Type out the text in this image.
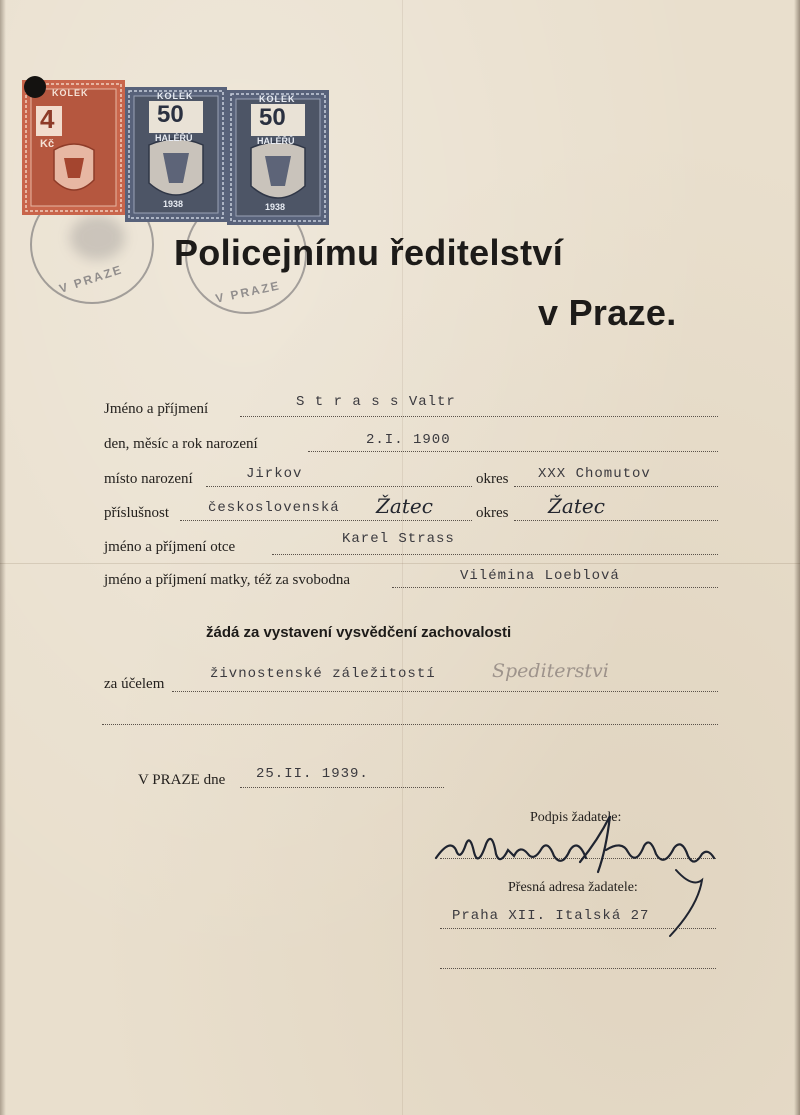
V PRAZE	V PRAZE
KOLEK
4
Kč
KOLEK
50
HALÉŘŮ
1938
KOLEK
50
HALÉŘŮ
1938
Policejnímu ředitelství
v Praze.
Jméno a příjmení	S t r a s s Valtr
den, měsíc a rok narození	2.I. 1900
místo narození	Jirkov	okres XXX Chomutov
příslušnost	československá Žatec	okres Žatec
jméno a příjmení otce	Karel Strass
jméno a příjmení matky, též za svobodna	Vilémina Loeblová
žádá za vystavení vysvědčení zachovalosti
za účelem
živnostenské záležitostí	Spediterstvi
V PRAZE dne 25.II. 1939.
Podpis žadatele:
Přesná adresa žadatele:
Praha XII. Italská 27
